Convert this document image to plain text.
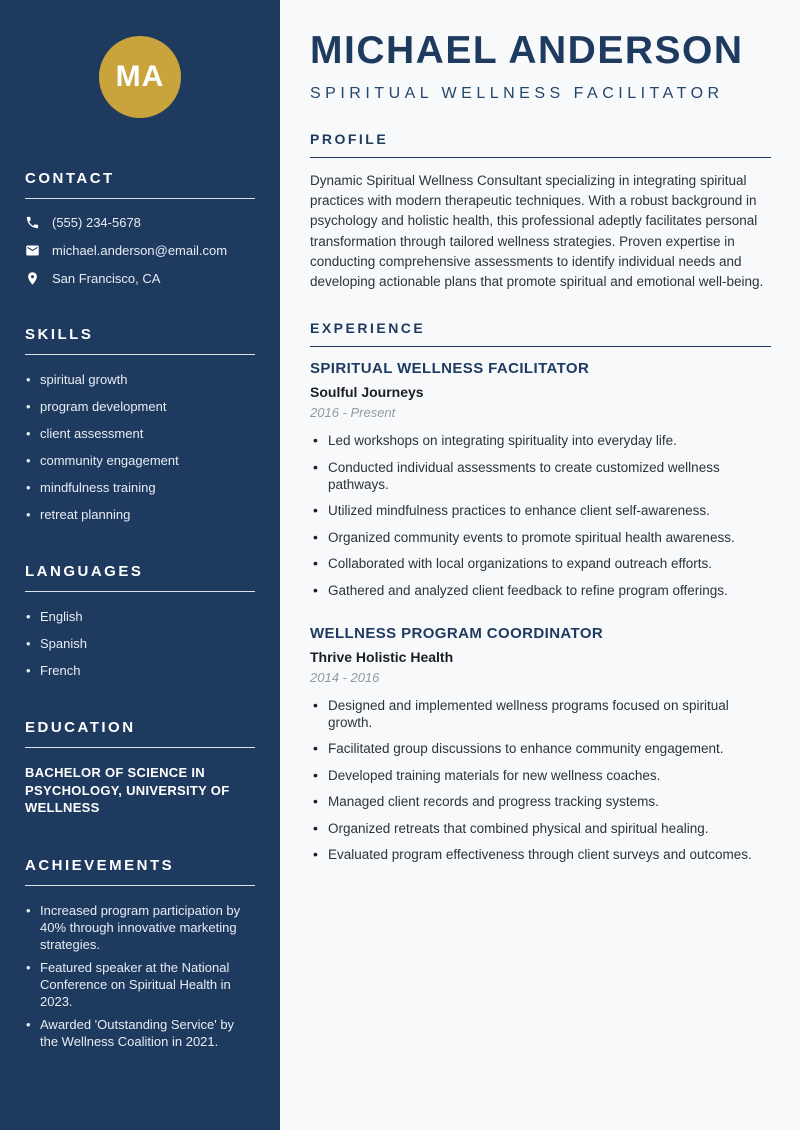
MA
CONTACT
(555) 234-5678
michael.anderson@email.com
San Francisco, CA
SKILLS
• spiritual growth
• program development
• client assessment
• community engagement
• mindfulness training
• retreat planning
LANGUAGES
• English
• Spanish
• French
EDUCATION
BACHELOR OF SCIENCE IN PSYCHOLOGY, UNIVERSITY OF WELLNESS
ACHIEVEMENTS
• Increased program participation by 40% through innovative marketing strategies.
• Featured speaker at the National Conference on Spiritual Health in 2023.
• Awarded 'Outstanding Service' by the Wellness Coalition in 2021.
MICHAEL ANDERSON
SPIRITUAL WELLNESS FACILITATOR
PROFILE

Dynamic Spiritual Wellness Consultant specializing in integrating spiritual practices with modern therapeutic techniques. With a robust background in psychology and holistic health, this professional adeptly facilitates personal transformation through tailored wellness strategies. Proven expertise in conducting comprehensive assessments to identify individual needs and developing actionable plans that promote spiritual and emotional well-being.

EXPERIENCE
SPIRITUAL WELLNESS FACILITATOR
Soulful Journeys
2016 - Present
• Led workshops on integrating spirituality into everyday life.
• Conducted individual assessments to create customized wellness pathways.
• Utilized mindfulness practices to enhance client self-awareness.
• Organized community events to promote spiritual health awareness.
• Collaborated with local organizations to expand outreach efforts.
• Gathered and analyzed client feedback to refine program offerings.
WELLNESS PROGRAM COORDINATOR
Thrive Holistic Health
2014 - 2016
• Designed and implemented wellness programs focused on spiritual growth.
• Facilitated group discussions to enhance community engagement.
• Developed training materials for new wellness coaches.
• Managed client records and progress tracking systems.
• Organized retreats that combined physical and spiritual healing.
• Evaluated program effectiveness through client surveys and outcomes.
